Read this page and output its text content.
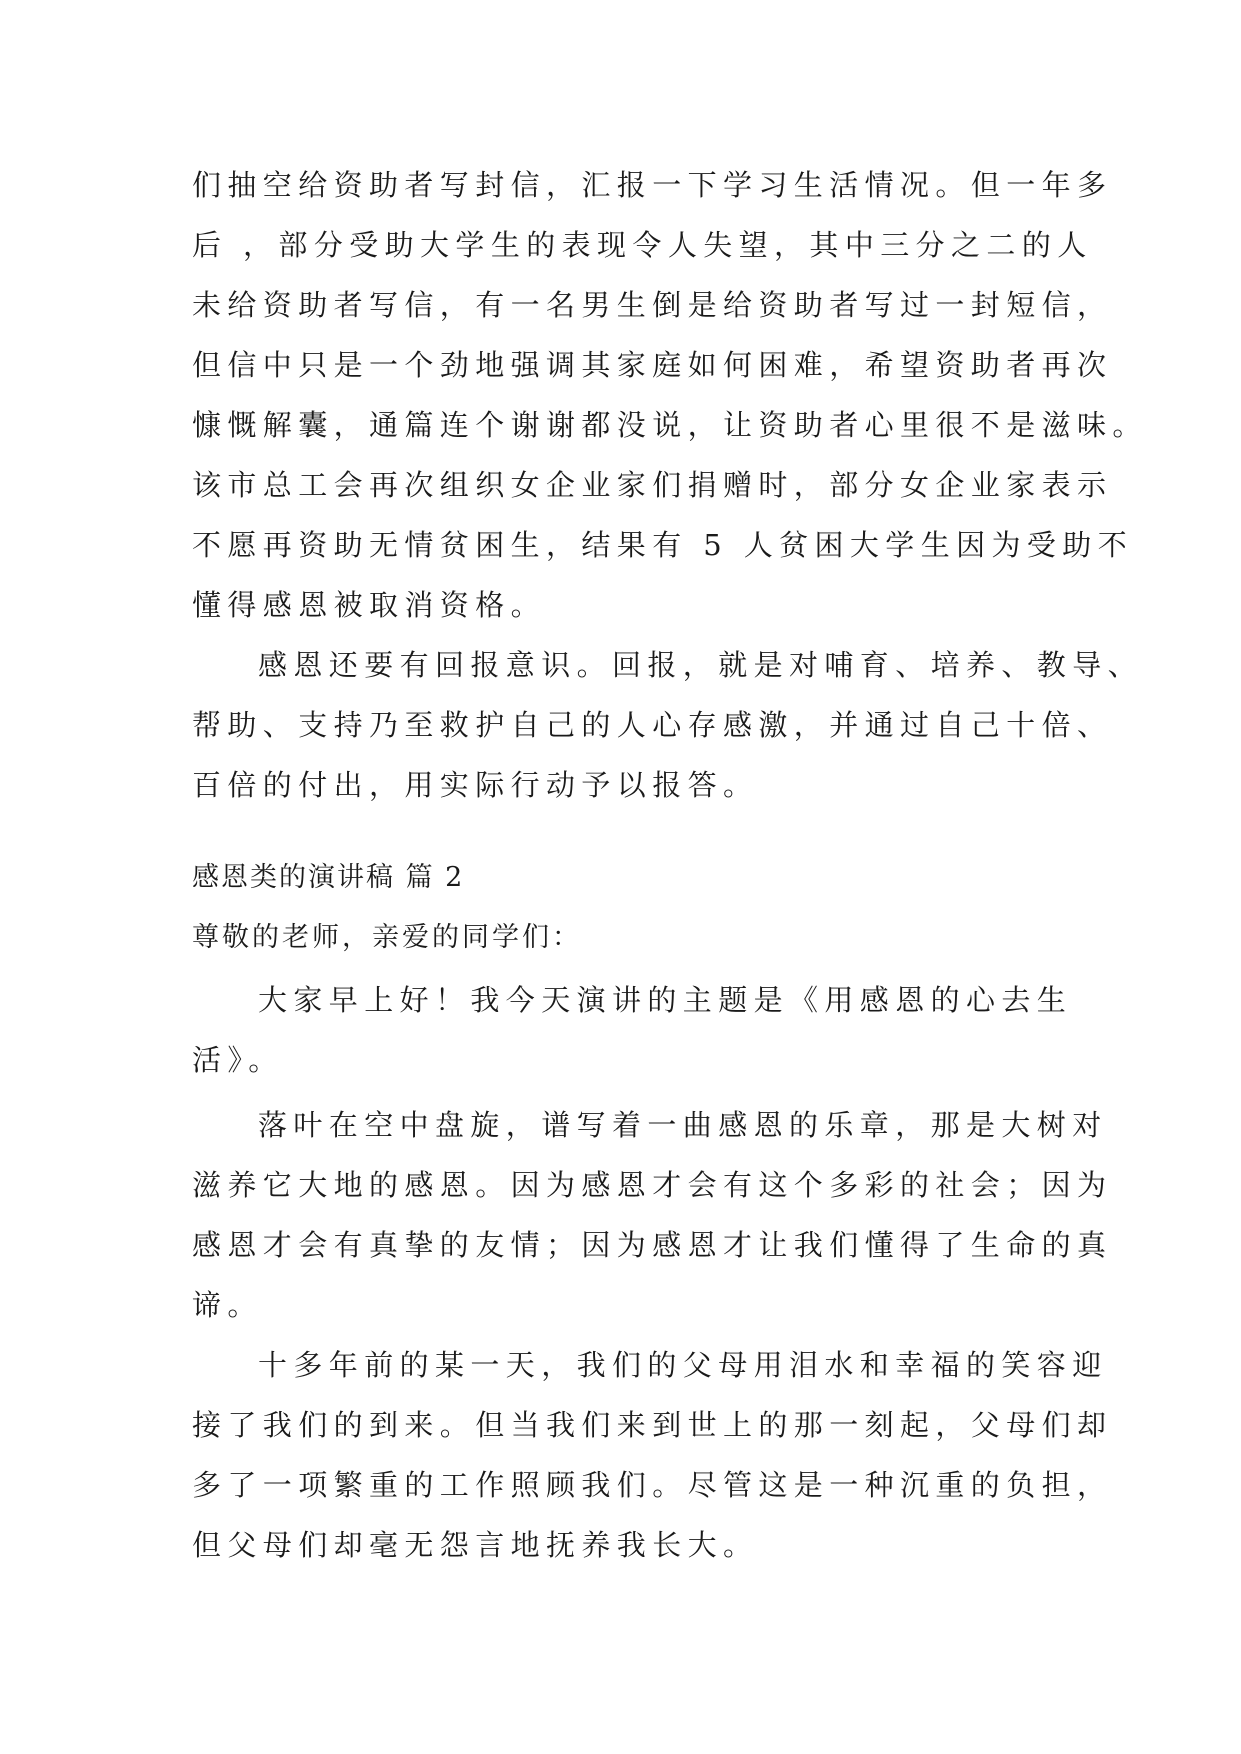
们抽空给资助者写封信，汇报一下学习生活情况。但一年多

后 ，部分受助大学生的表现令人失望，其中三分之二的人

未给资助者写信，有一名男生倒是给资助者写过一封短信，

但信中只是一个劲地强调其家庭如何困难，希望资助者再次

慷慨解囊，通篇连个谢谢都没说，让资助者心里很不是滋味。

该市总工会再次组织女企业家们捐赠时，部分女企业家表示

不愿再资助无情贫困生，结果有 5 人贫困大学生因为受助不

懂得感恩被取消资格。

感恩还要有回报意识。回报，就是对哺育、培养、教导、

帮助、支持乃至救护自己的人心存感激，并通过自己十倍、

百倍的付出，用实际行动予以报答。

感恩类的演讲稿 篇 2

尊敬的老师，亲爱的同学们：

大家早上好！我今天演讲的主题是《用感恩的心去生

活》。

落叶在空中盘旋，谱写着一曲感恩的乐章，那是大树对

滋养它大地的感恩。因为感恩才会有这个多彩的社会；因为

感恩才会有真挚的友情；因为感恩才让我们懂得了生命的真

谛。

十多年前的某一天，我们的父母用泪水和幸福的笑容迎

接了我们的到来。但当我们来到世上的那一刻起，父母们却

多了一项繁重的工作照顾我们。尽管这是一种沉重的负担，

但父母们却毫无怨言地抚养我长大。
